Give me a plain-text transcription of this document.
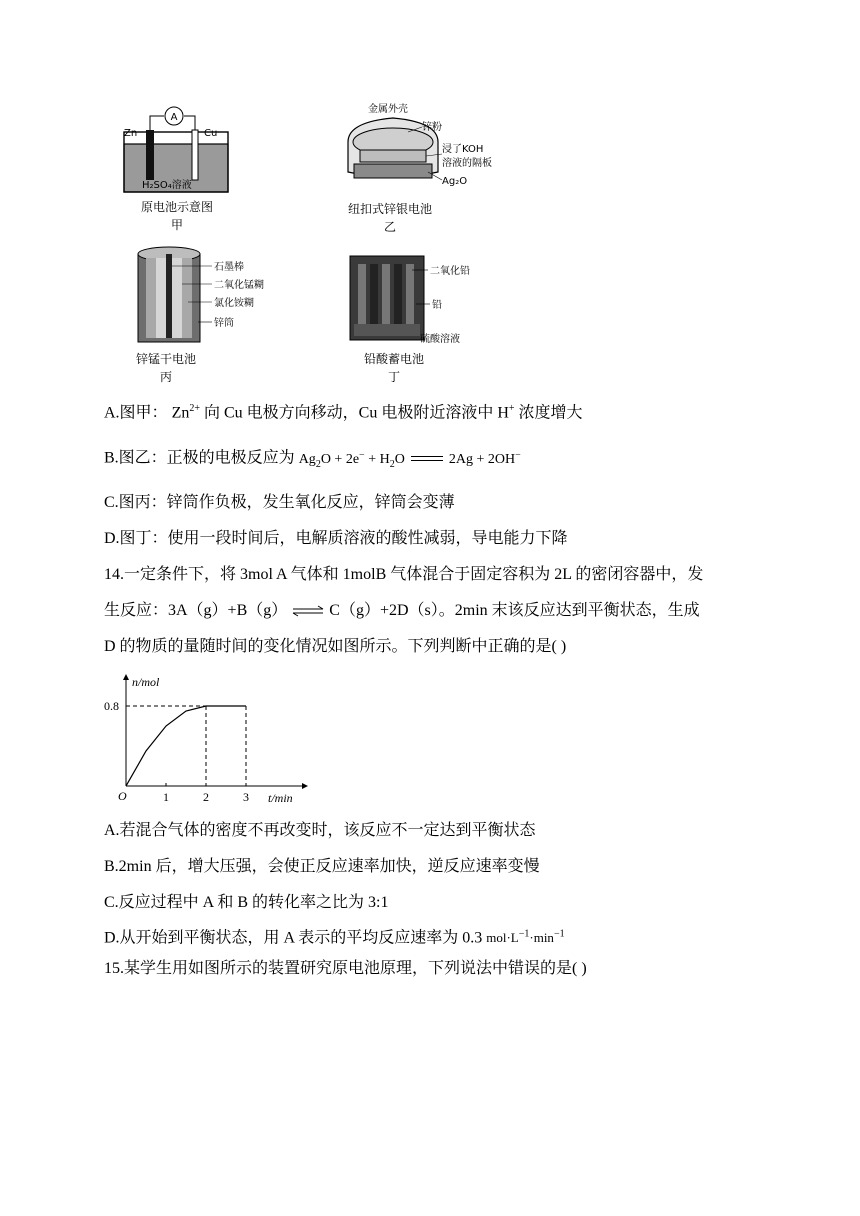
A
Zn	Cu
H₂SO₄溶液
原电池示意图
甲
金属外壳
锌粉
浸了KOH
溶液的隔板
Ag₂O
纽扣式锌银电池
乙
石墨棒
二氧化锰糊
氯化铵糊
锌筒
锌锰干电池
丙
二氧化铅
铅
硫酸溶液
铅酸蓄电池
丁
A.图甲： $Zn^{2+}$ 向 Cu 电极方向移动，Cu 电极附近溶液中 H+ 浓度增大
B.图乙：正极的电极反应为 $Ag_2O + 2e^- + H_2O$	2Ag + 2OH−
C.图丙：锌筒作负极，发生氧化反应，锌筒会变薄
D.图丁：使用一段时间后，电解质溶液的酸性减弱，导电能力下降
14.一定条件下，将 3mol A 气体和 1molB 气体混合于固定容积为 2L 的密闭容器中，发
生反应：3A（g）+B（g） ⇌ C（g）+2D（s）。2min 末该反应达到平衡状态，生成
D 的物质的量随时间的变化情况如图所示。下列判断中正确的是( )
n/mol
t/min
O	1	2	3
0.8
A.若混合气体的密度不再改变时，该反应不一定达到平衡状态
B.2min 后，增大压强，会使正反应速率加快，逆反应速率变慢
C.反应过程中 A 和 B 的转化率之比为 3:1
D.从开始到平衡状态，用 A 表示的平均反应速率为 0.3 $mol\cdot L^{-1}\cdot\min^{-1}$
15.某学生用如图所示的装置研究原电池原理，下列说法中错误的是( )
